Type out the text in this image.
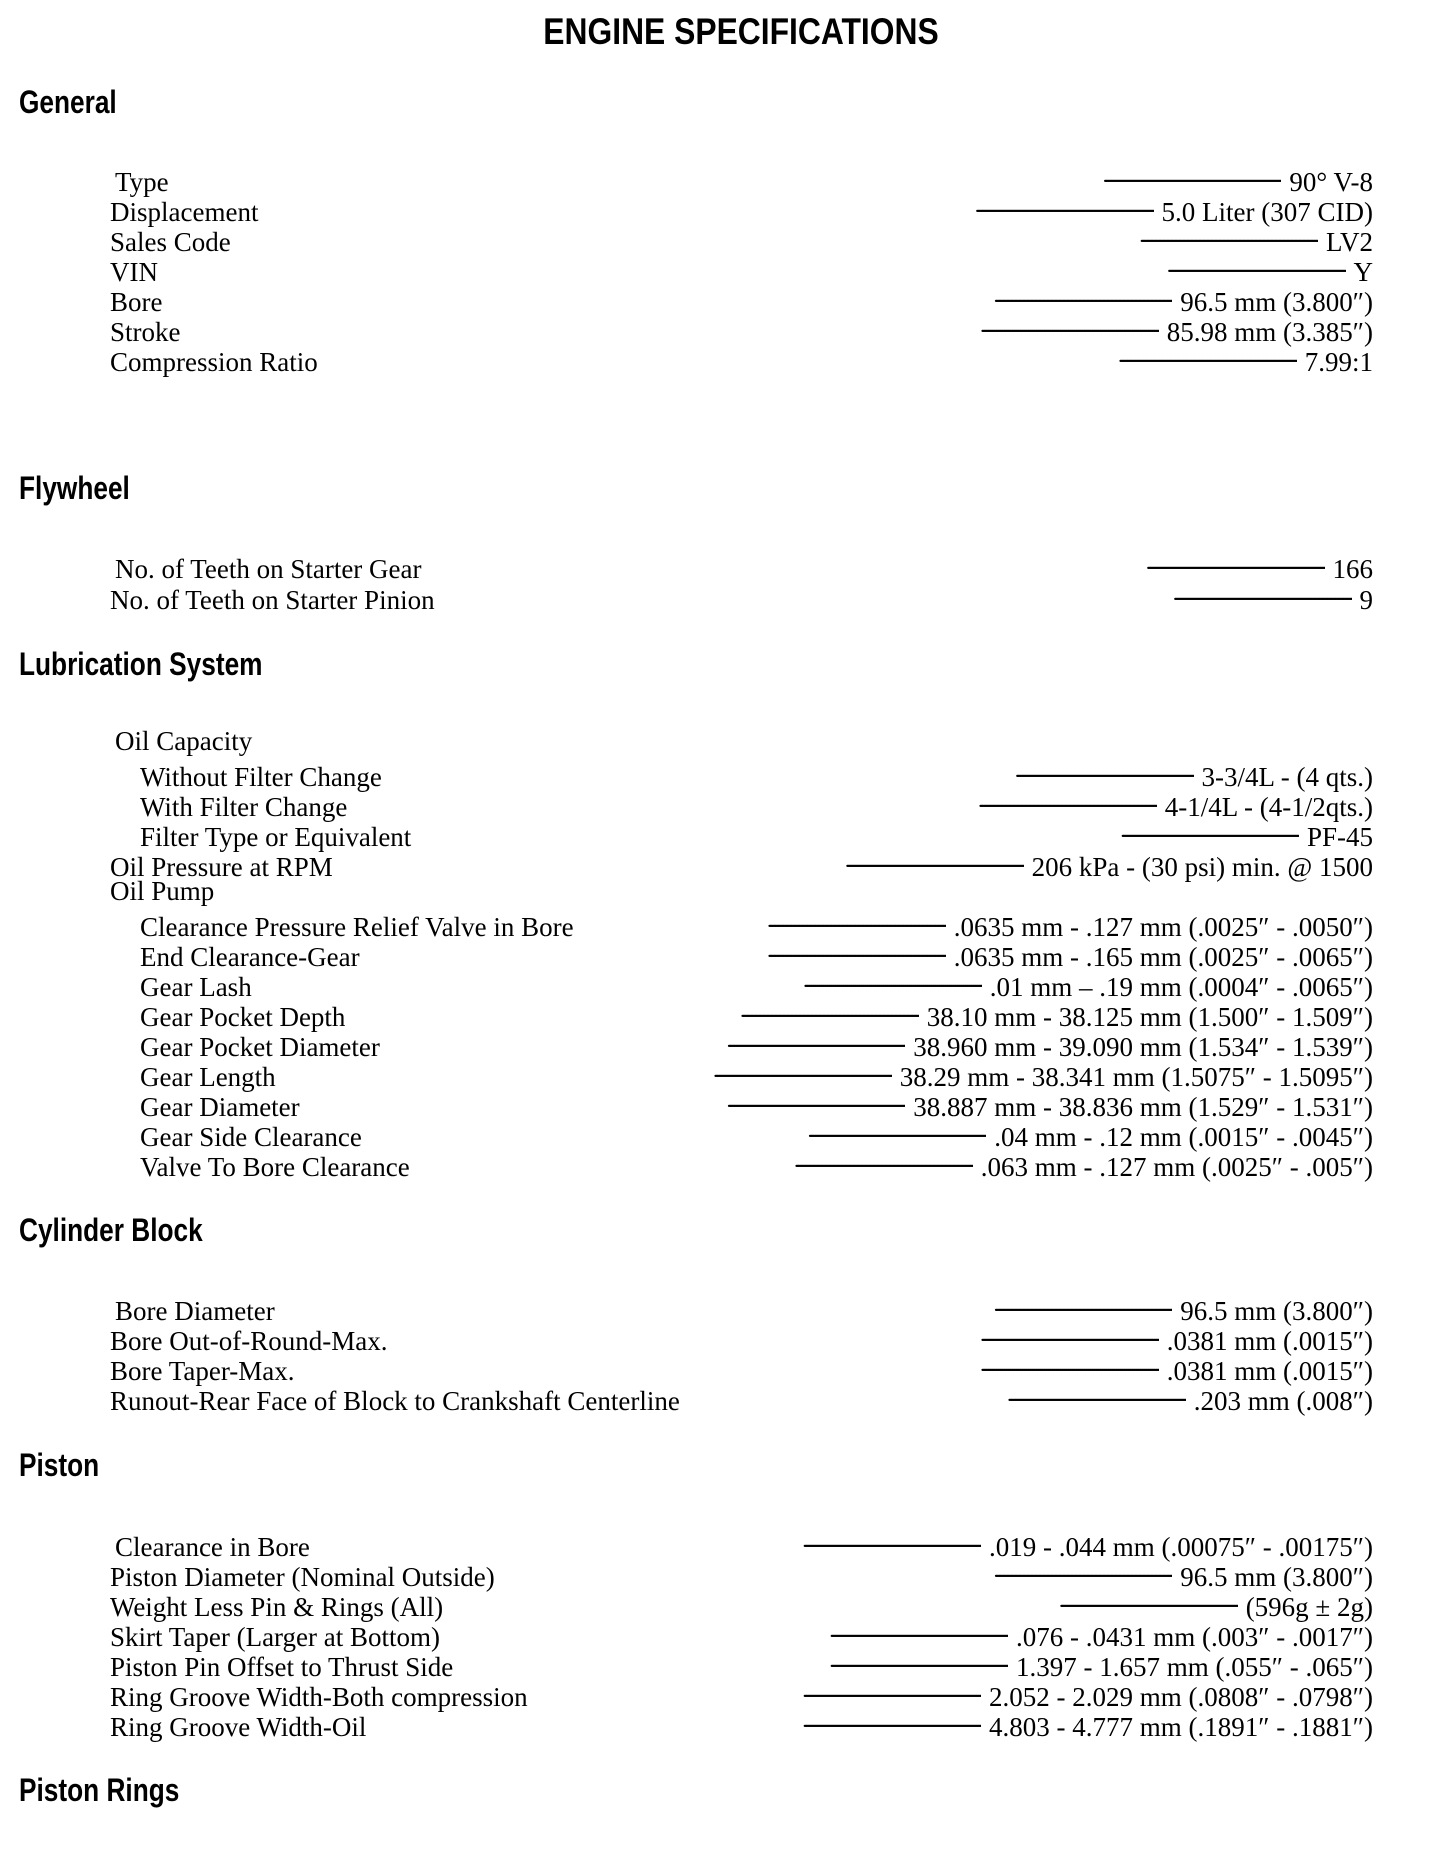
ENGINE SPECIFICATIONS
General
Type . . .	90° V-8
Displacement . . .	5.0 Liter (307 CID)
Sales Code . . .	LV2
VIN . . .	Y
Bore . . .	96.5 mm (3.800″)
Stroke . . .	85.98 mm (3.385″)
Compression Ratio . . .	7.99:1
Flywheel
No. of Teeth on Starter Gear . . .	166
No. of Teeth on Starter Pinion . . .	9
Lubrication System
Oil Capacity
Without Filter Change . . .	3-3/4L - (4 qts.)
With Filter Change . . .	4-1/4L - (4-1/2qts.)
Filter Type or Equivalent . . .	PF-45
Oil Pressure at RPM . . .	206 kPa - (30 psi) min. @ 1500
Oil Pump
Clearance Pressure Relief Valve in Bore . . .	.0635 mm - .127 mm (.0025″ - .0050″)
End Clearance-Gear . . .	.0635 mm - .165 mm (.0025″ - .0065″)
Gear Lash . . .	.01 mm – .19 mm (.0004″ - .0065″)
Gear Pocket Depth . . .	38.10 mm - 38.125 mm (1.500″ - 1.509″)
Gear Pocket Diameter . . .	38.960 mm - 39.090 mm (1.534″ - 1.539″)
Gear Length . . .	38.29 mm - 38.341 mm (1.5075″ - 1.5095″)
Gear Diameter . . .	38.887 mm - 38.836 mm (1.529″ - 1.531″)
Gear Side Clearance . . .	.04 mm - .12 mm (.0015″ - .0045″)
Valve To Bore Clearance . . .	.063 mm - .127 mm (.0025″ - .005″)
Cylinder Block
Bore Diameter . . .	96.5 mm (3.800″)
Bore Out-of-Round-Max. . . .	.0381 mm (.0015″)
Bore Taper-Max. . . .	.0381 mm (.0015″)
Runout-Rear Face of Block to Crankshaft Centerline . . .	.203 mm (.008″)
Piston
Clearance in Bore . . .	.019 - .044 mm (.00075″ - .00175″)
Piston Diameter (Nominal Outside) . . .	96.5 mm (3.800″)
Weight Less Pin & Rings (All) . . .	(596g ± 2g)
Skirt Taper (Larger at Bottom) . . .	.076 - .0431 mm (.003″ - .0017″)
Piston Pin Offset to Thrust Side . . .	1.397 - 1.657 mm (.055″ - .065″)
Ring Groove Width-Both compression . . .	2.052 - 2.029 mm (.0808″ - .0798″)
Ring Groove Width-Oil . . .	4.803 - 4.777 mm (.1891″ - .1881″)
Piston Rings
